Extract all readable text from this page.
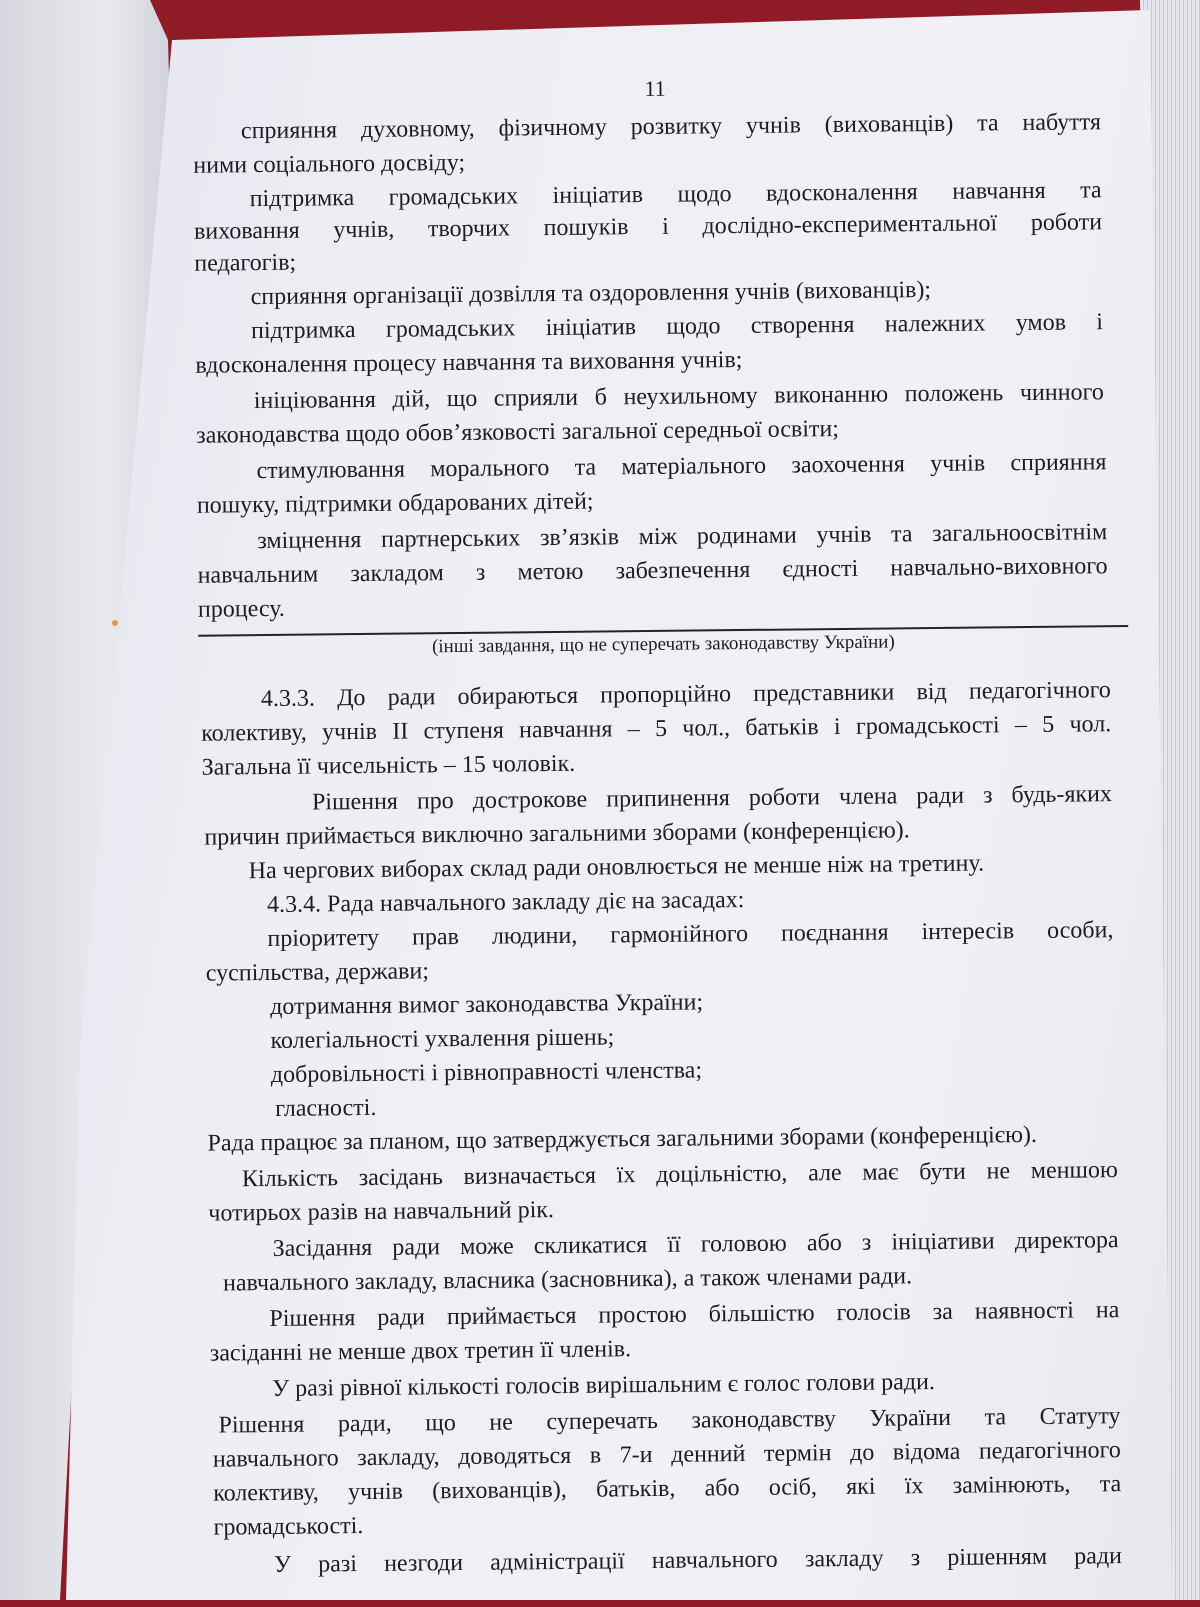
11
сприяння духовному, фізичному розвитку учнів (вихованців) та набуття
ними соціального досвіду;
підтримка громадських ініціатив щодо вдосконалення навчання та
виховання учнів, творчих пошуків і дослідно-експериментальної роботи
педагогів;
сприяння організації дозвілля та оздоровлення учнів (вихованців);
підтримка громадських ініціатив щодо створення належних умов і
вдосконалення процесу навчання та виховання учнів;
ініціювання дій, що сприяли б неухильному виконанню положень чинного
законодавства щодо обов’язковості загальної середньої освіти;
стимулювання морального та матеріального заохочення учнів сприяння
пошуку, підтримки обдарованих дітей;
зміцнення партнерських зв’язків між родинами учнів та загальноосвітнім
навчальним закладом з метою забезпечення єдності навчально-виховного
процесу.
(інші завдання, що не суперечать законодавству України)
4.3.3. До ради обираються пропорційно представники від педагогічного
колективу, учнів ІІ ступеня навчання – 5 чол., батьків і громадськості – 5 чол.
Загальна її чисельність – 15 чоловік.
Рішення про дострокове припинення роботи члена ради з будь-яких
причин приймається виключно загальними зборами (конференцією).
На чергових виборах склад ради оновлюється не менше ніж на третину.
4.3.4. Рада навчального закладу діє на засадах:
пріоритету прав людини, гармонійного поєднання інтересів особи,
суспільства, держави;
дотримання вимог законодавства України;
колегіальності ухвалення рішень;
добровільності і рівноправності членства;
гласності.
Рада працює за планом, що затверджується загальними зборами (конференцією).
Кількість засідань визначається їх доцільністю, але має бути не меншою
чотирьох разів на навчальний рік.
Засідання ради може скликатися її головою або з ініціативи директора
навчального закладу, власника (засновника), а також членами ради.
Рішення ради приймається простою більшістю голосів за наявності на
засіданні не менше двох третин її членів.
У разі рівної кількості голосів вирішальним є голос голови ради.
Рішення ради, що не суперечать законодавству України та Статуту
навчального закладу, доводяться в 7-и денний термін до відома педагогічного
колективу, учнів (вихованців), батьків, або осіб, які їх замінюють, та
громадськості.
У разі незгоди адміністрації навчального закладу з рішенням ради
